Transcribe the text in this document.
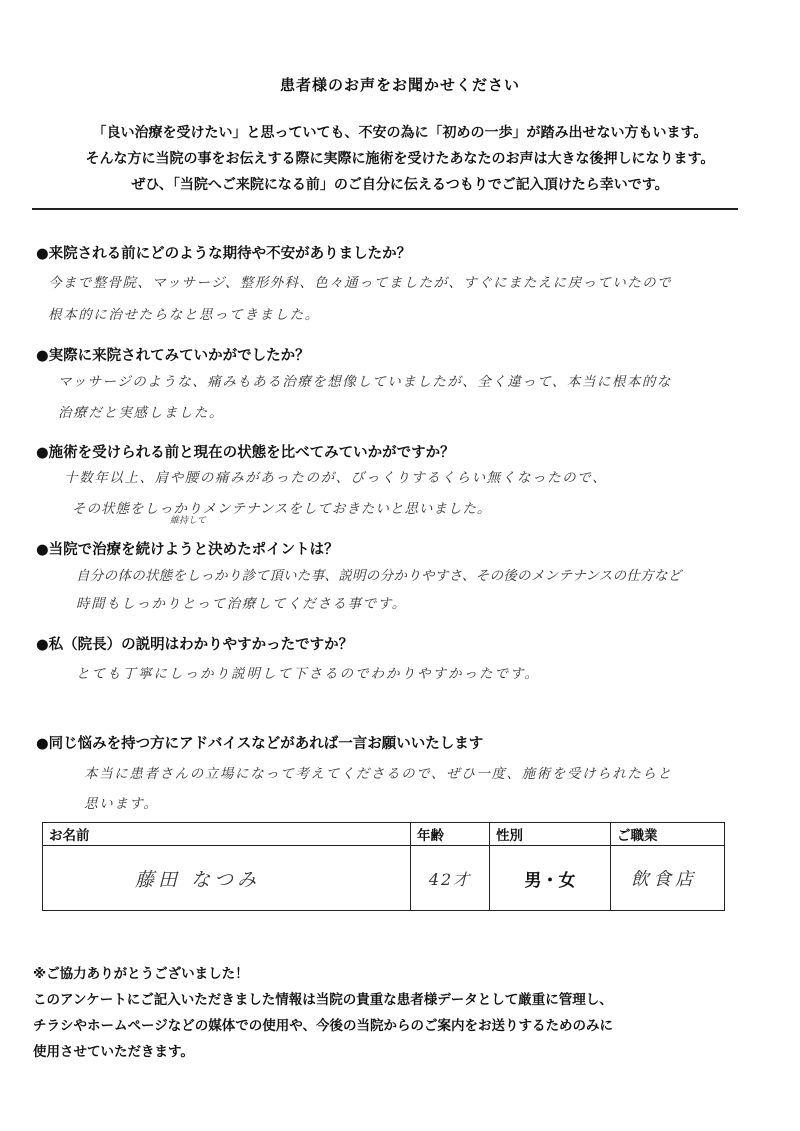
患者様のお声をお聞かせください
「良い治療を受けたい」と思っていても、不安の為に「初めの一歩」が踏み出せない方もいます。
そんな方に当院の事をお伝えする際に実際に施術を受けたあなたのお声は大きな後押しになります。
ぜひ、「当院へご来院になる前」のご自分に伝えるつもりでご記入頂けたら幸いです。
●来院される前にどのような期待や不安がありましたか？
今まで整骨院、マッサージ、整形外科、色々通ってましたが、すぐにまたえに戻っていたので
根本的に治せたらなと思ってきました。
●実際に来院されてみていかがでしたか？
マッサージのような、痛みもある治療を想像していましたが、全く違って、本当に根本的な
治療だと実感しました。
●施術を受けられる前と現在の状態を比べてみていかがですか？
十数年以上、肩や腰の痛みがあったのが、びっくりするくらい無くなったので、
その状態をしっかりメンテナンスをしておきたいと思いました。
維持して
●当院で治療を続けようと決めたポイントは？
自分の体の状態をしっかり診て頂いた事、説明の分かりやすさ、その後のメンテナンスの仕方など
時間もしっかりとって治療してくださる事です。
●私（院長）の説明はわかりやすかったですか？
とても丁寧にしっかり説明して下さるのでわかりやすかったです。
●同じ悩みを持つ方にアドバイスなどがあれば一言お願いいたします
本当に患者さんの立場になって考えてくださるので、ぜひ一度、施術を受けられたらと
思います。
お名前	年齢	性別	ご職業
藤田 なつみ	42才	男・女	飲食店
※ご協力ありがとうございました！
このアンケートにご記入いただきました情報は当院の貴重な患者様データとして厳重に管理し、
チラシやホームページなどの媒体での使用や、今後の当院からのご案内をお送りするためのみに
使用させていただきます。
